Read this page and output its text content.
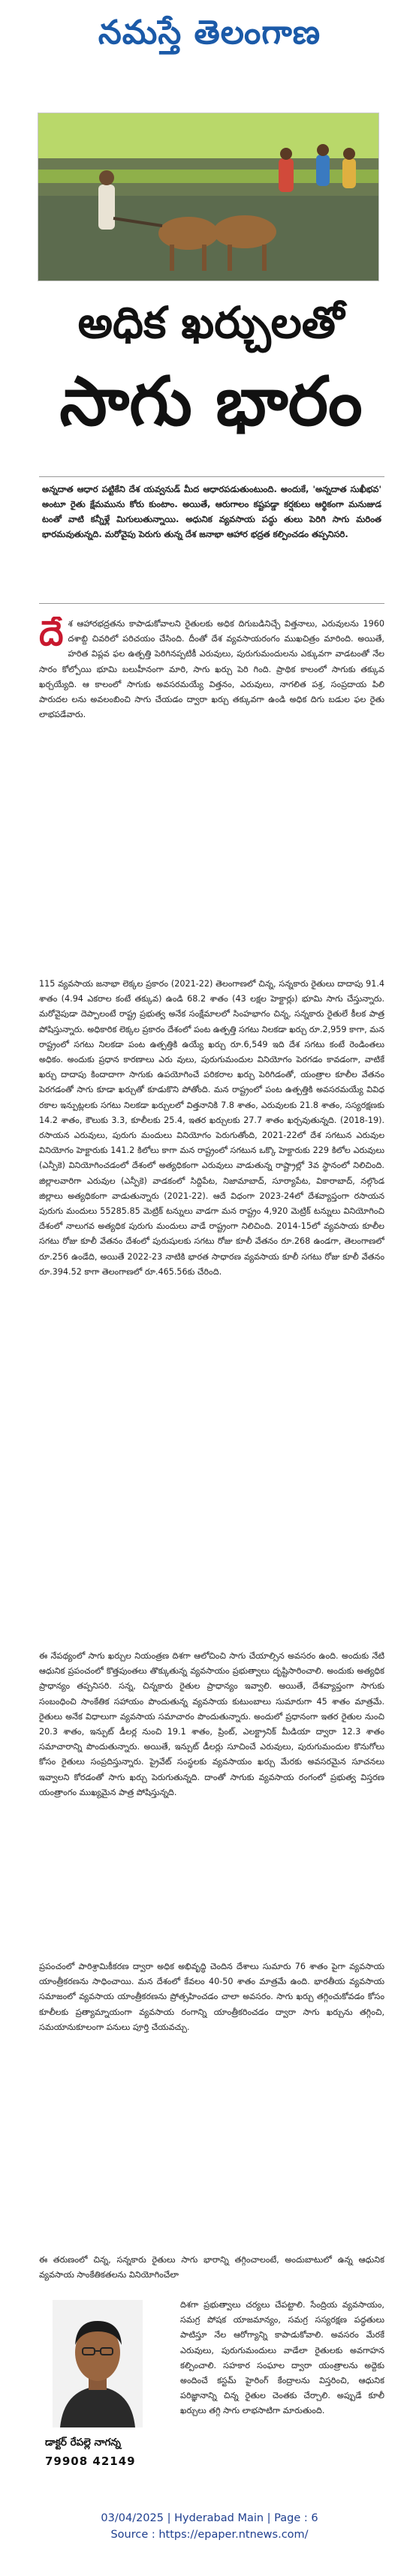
నమస్తే తెలంగాణ
అధిక ఖర్చులతో
సాగు భారం

అన్నదాత ఆధార పట్టికేని దేశ యవ్వనుడ్ మీద ఆధారపడుతుంటుంది. అందుకే, 'అన్నదాత సుఖీభవ' అంటూ రైతు క్షేమమును కోరు కుంటాం. అయితే, ఆరుగాలం కష్టపడ్డా కర్షకులు ఆర్థికంగా మనుజుడ టంతో వాటి కన్నీళ్లే మిగులుతున్నాయి. అధునిక వ్యవసాయ పద్ధు తులు పెరిగి సాగు మరింత భారమవుతున్నది. మరోవైపు పెరుగు తున్న దేశ జనాభా ఆహార భద్రత కల్పించడం తప్పనిసరి.

దేశ ఆహారభద్రతను కాపాడుకోవాలని రైతులకు అధిక దిగుబడినిచ్చే విత్తనాలు, ఎరువులను 1960 దశాబ్ది చివరిలో పరిచయం చేసింది. దీంతో దేశ వ్యవసాయరంగం ముఖచిత్రం మారింది. అయితే, హరిత విప్లవ ఫల ఉత్పత్తి పెరిగినప్పటికీ ఎరువులు, పురుగుమందులను ఎక్కువగా వాడటంతో నేల సారం కోల్పోయి భూమి బలుహీనంగా మారి, సాగు ఖర్చు పెరి గింది. ప్రాథిక కాలంలో సాగుకు తక్కువ ఖర్చయ్యేది. ఆ కాలంలో సాగుకు అవసరమయ్యే విత్తనం, ఎరువులు, నాగలిత పశ్ర, సంప్రదాయ పిలి పారుదల లను అవలంబించి సాగు చేయడం ద్వారా ఖర్చు తక్కువగా ఉండి అధిక దిగు బడుల ఫల రైతు లాభపడేవారు.

115 వ్యవసాయ జనాభా లెక్కల ప్రకారం (2021-22) తెలంగాణలో చిన్న, సన్నకారు రైతులు దాదాపు 91.4 శాతం (4.94 ఎకరాల కంటే తక్కువ) ఉండి 68.2 శాతం (43 లక్షల హెక్టార్లు) భూమి సాగు చేస్తున్నారు. మరోవైపుడా దెప్పాలంటే రాష్ట్ర ప్రభుత్వ అనేక సంక్షేమాలలో సింహభాగం చిన్న, సన్నకారు రైతులే కీలక పాత్ర పోషిస్తున్నారు. అధికారిక లెక్కల ప్రకారం దేశంలో పంట ఉత్పత్తి సగటు నిలకడా ఖర్చు రూ.2,959 కాగా, మన రాష్ట్రంలో సగటు నిలకడా పంట ఉత్పత్తికి ఉయ్యే ఖర్చు రూ.6,549 ఇది దేశ సగటు కంటే రెండింతలు అధికం. అందుకు ప్రధాన కారణాలు ఎరు వులు, పురుగుమందుల వినియోగం పెరగడం కావడంగా, వాటికే ఖర్చు దాదాపు కిందాదాగా సాగుకు ఉపయోగించే పరికరాల ఖర్చు పెరిగిడంతో, యంత్రాల కూలీల వేతనం పెరగడంతో సాగు కూడా ఖర్చుతో కూడుకొని పోతోంది. మన రాష్ట్రంలో పంట ఉత్పత్తికి అవసరమయ్యే వివిధ రకాల ఇన్పుట్లలకు సగటు నిలకడా ఖర్చులలో విత్తనానికి 7.8 శాతం, ఎరువులకు 21.8 శాతం, సస్యరక్షణకు 14.2 శాతం, కౌలుకు 3.3, కూలీలకు 25.4, ఇతర ఖర్చులకు 27.7 శాతం ఖర్చవుతున్నది. (2018-19). రసాయన ఎరువులు, పురుగు మందులు వినియోగం పెరుగుతోంది, 2021-22లో దేశ సగటున ఎరువుల వినియోగం హెక్టారుకు 141.2 కిలోలు కాగా మన రాష్ట్రంలో సగటున ఒక్కొ హెక్టారుకు 229 కిలోల ఎరువులు (ఎన్పీకె) వినియోగించడంలో దేశంలో అత్యధికంగా ఎరువులు వాడుతున్న రాష్ట్రాల్లో 3వ స్థానంలో నిలిచింది. జిల్లాలవారిగా ఎరువుల (ఎన్పీకె) వాడకంలో సిద్దిపేట, నిజామాబాద్, సూర్యాపేట, వికారాబాద్, నల్గొండ జిల్లాలు అత్యధికంగా వాడుతున్నారు (2021-22). ఆదే విధంగా 2023-24లో దేశవ్యాప్తంగా రసాయన పురుగు మందులు 55285.85 మెట్రిక్ టన్నులు వాడగా మన రాష్ట్రం 4,920 మెట్రిక్ టన్నులు వినియోగించి దేశంలో నాలుగవ అత్యధిక పురుగు మందులు వాడే రాష్ట్రంగా నిలిచింది. 2014-15లో వ్యవసాయ కూలీల సగటు రోజు కూలీ వేతనం దేశంలో పురుషులకు సగటు రోజు కూలీ వేతనం రూ.268 ఉండగా, తెలంగాణలో రూ.256 ఉండేది, అయితే 2022-23 నాటికి భారత సాధారణ వ్యవసాయ కూలీ సగటు రోజు కూలీ వేతనం రూ.394.52 కాగా తెలంగాణలో రూ.465.56కు చేరింది.

ఈ నేపథ్యంలో సాగు ఖర్చుల నియంత్రణ దిశగా ఆలోచించి సాగు చేయాల్సిన అవసరం ఉంది. అందుకు నేటి ఆధునిక ప్రపంచంలో కొత్తపుంతలు తొక్కుతున్న వ్యవసాయం ప్రభుత్వాలు దృష్టిసారించాలి. అందుకు అత్యధిక ప్రాధాన్యం తప్పనిసరి. సన్న, చిన్నకారు రైతుల ప్రాధాన్యం ఇవ్వాలి. అయితే, దేశవ్యాప్తంగా సాగుకు సంబంధించి సాంకేతిక సహాయం పొందుతున్న వ్యవసాయ కుటుంబాలు సుమారుగా 45 శాతం మాత్రమే. రైతులు అనేక విధాలుగా వ్యవసాయ సమాచారం పొందుతున్నారు. అందులో ప్రధానంగా ఇతర రైతుల నుంచి 20.3 శాతం, ఇన్పుట్ డీలర్ల నుంచి 19.1 శాతం, ప్రింట్, ఎలక్ట్రానిక్ మీడియా ద్వారా 12.3 శాతం సమాచారాన్ని పొందుతున్నారు. అయితే, ఇన్పుట్ డీలర్లు సూచించే ఎరువులు, పురుగుమందుల కొనుగోలు కోసం రైతులు సంప్రదిస్తున్నారు. ప్రైవేట్ సంస్థలకు వ్యవసాయం ఖర్చు మేరకు అవసరమైన సూచనలు ఇవ్వాలని కోరడంతో సాగు ఖర్చు పెరుగుతున్నది. దాంతో సాగుకు వ్యవసాయ రంగంలో ప్రభుత్వ విస్తరణ యంత్రాంగం ముఖ్యమైన పాత్ర పోషిస్తున్నది.

ప్రపంచంలో పారిశ్రామికీకరణ ద్వారా అధిక అభివృద్ధి చెందిన దేశాలు సుమారు 76 శాతం పైగా వ్యవసాయ యాంత్రీకరణను సాధించాయి. మన దేశంలో కేవలం 40-50 శాతం మాత్రమే ఉంది. భారతీయ వ్యవసాయ సమాజంలో వ్యవసాయ యాంత్రీకరణను ప్రోత్సహించడం చాలా అవసరం. సాగు ఖర్చు తగ్గించుకోవడం కోసం కూలీలకు ప్రత్యామ్నాయంగా వ్యవసాయ రంగాన్ని యాంత్రీకరించడం ద్వారా సాగు ఖర్చును తగ్గించి, సమయానుకూలంగా పనులు పూర్తి చేయవచ్చు.

ఈ తరుణంలో చిన్న, సన్నకారు రైతులు సాగు భారాన్ని తగ్గించాలంటే, అందుబాటులో ఉన్న ఆధునిక వ్యవసాయ సాంకేతికతలను వినియోగించేలా

దిశగా ప్రభుత్వాలు చర్యలు చేపట్టాలి. సేంద్రియ వ్యవసాయం, సమగ్ర పోషక యాజమాన్యం, సమగ్ర సస్యరక్షణ పద్ధతులు పాటిస్తూ నేల ఆరోగ్యాన్ని కాపాడుకోవాలి. అవసరం మేరకే ఎరువులు, పురుగుమందులు వాడేలా రైతులకు అవగాహన కల్పించాలి. సహకార సంఘాల ద్వారా యంత్రాలను అద్దెకు అందించే కస్టమ్ హైరింగ్ కేంద్రాలను విస్తరించి, ఆధునిక పరిజ్ఞానాన్ని చిన్న రైతుల చెంతకు చేర్చాలి. అప్పుడే కూలీ ఖర్చులు తగ్గి సాగు లాభసాటిగా మారుతుంది.

డాక్టర్ రేపల్లె నాగన్న
79908 42149
03/04/2025 | Hyderabad Main | Page : 6
Source : https://epaper.ntnews.com/
